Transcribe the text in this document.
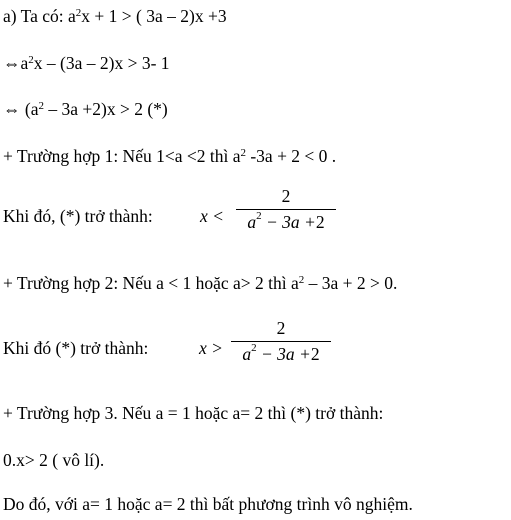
a) Ta có: $a^2x + 1$ > ( 3a – 2)x +3
$\Leftrightarrow a^2x - (3a - 2)x > 3-$ 1
⇔ $(a^2 - 3a +2)x > 2$ (*)
+ Trường hợp 1: Nếu 1<a <2 thì $a^2$ -3a + 2 < 0 .
Khi đó, (*) trở thành:	x <
2
$a^2 - 3a +2$
+ Trường hợp 2: Nếu a < 1 hoặc a> 2 thì $a^2 - 3a + 2 > 0$.
Khi đó (*) trở thành:	x >
2
$a^2 - 3a +2$
+ Trường hợp 3. Nếu a = 1 hoặc a= 2 thì (*) trở thành:
0.x> 2 ( vô lí).
Do đó, với a= 1 hoặc a= 2 thì bất phương trình vô nghiệm.
